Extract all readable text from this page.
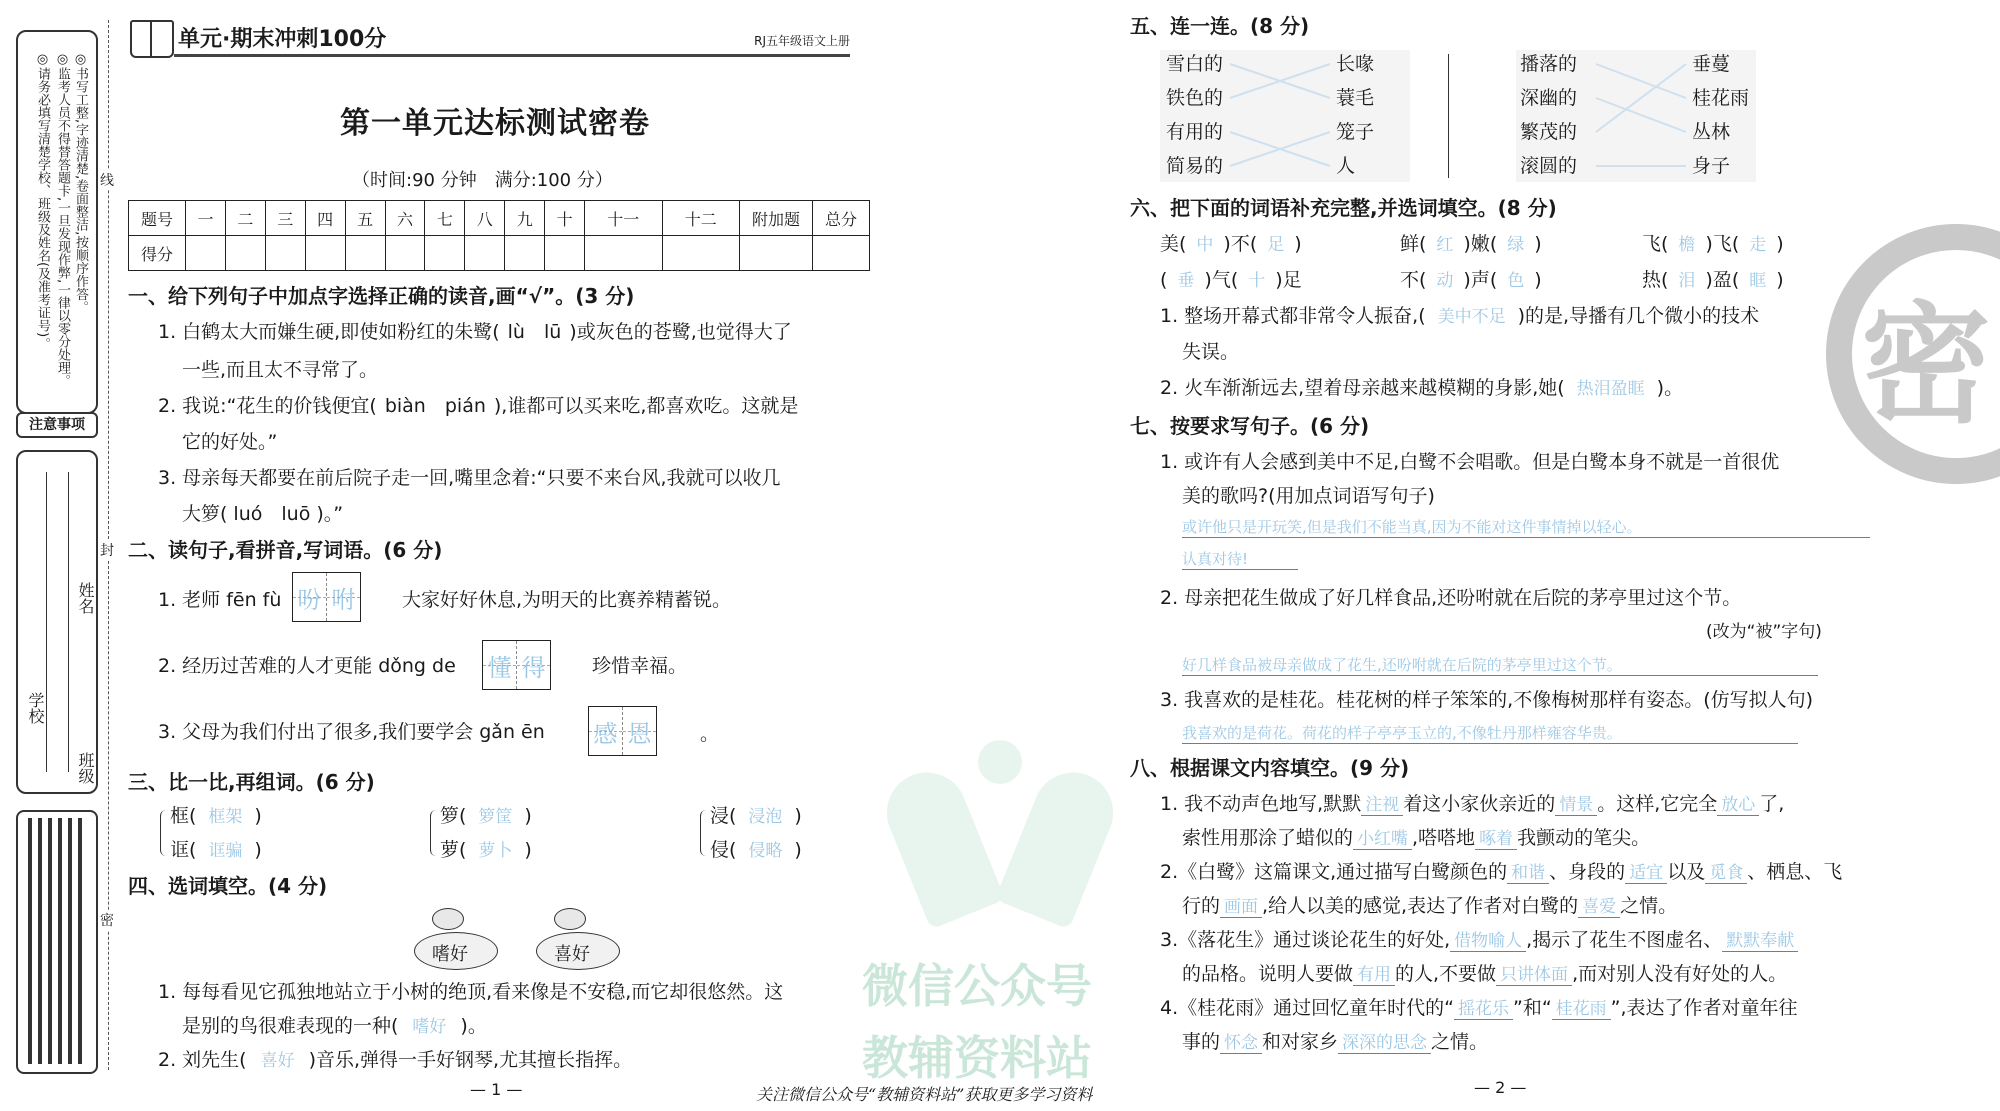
◎请务必填写清楚学校、班级及姓名(及准考证号)。 ◎监考人员不得替答题卡,一旦发现作弊,一律以零分处理。 ◎书写工整,字迹清楚,卷面整洁,按顺序作答。
注意事项
学校
姓名
班级
线
封
密
单元·期末冲刺100分	RJ五年级语文上册
第一单元达标测试密卷
（时间:90 分钟　满分:100 分）
题号	一	二	三	四	五	六	七	八	九	十	十一	十二	附加题	总分
得分														
一、给下列句子中加点字选择正确的读音,画“√”。(3 分)
1. 白鹤太大而嫌生硬,即使如粉红的朱鹭( lù　lū )或灰色的苍鹭,也觉得大了
一些,而且太不寻常了。
2. 我说:“花生的价钱便宜( biàn　pián ),谁都可以买来吃,都喜欢吃。这就是
它的好处。”
3. 母亲每天都要在前后院子走一回,嘴里念着:“只要不来台风,我就可以收几
大箩( luó　luō )。”
二、读句子,看拼音,写词语。(6 分)
1. 老师 fēn fù 吩 咐 大家好好休息,为明天的比赛养精蓄锐。
2. 经历过苦难的人才更能 dǒng de 懂 得 珍惜幸福。
3. 父母为我们付出了很多,我们要学会 gǎn ēn 感 恩	。
三、比一比,再组词。(6 分)
框( 框架 )
诓( 诓骗 )
箩( 箩筐 )
萝( 萝卜 )
浸( 浸泡 )
侵( 侵略 )
四、选词填空。(4 分)
嗜好	喜好
1. 每每看见它孤独地站立于小树的绝顶,看来像是不安稳,而它却很悠然。这
是别的鸟很难表现的一种( 嗜好 )。
2. 刘先生( 喜好 )音乐,弹得一手好钢琴,尤其擅长指挥。
— 1 —
五、连一连。(8 分)
雪白的
铁色的
有用的
简易的
长喙
蓑毛
笼子
人
播落的
深幽的
繁茂的
滚圆的
垂蔓
桂花雨
丛林
身子
六、把下面的词语补充完整,并选词填空。(8 分)
美( 中 )不( 足 )	鲜( 红 )嫩( 绿 )	飞( 檐 )飞( 走 )
( 垂 )气( 十 )足	不( 动 )声( 色 )	热( 泪 )盈( 眶 )
1. 整场开幕式都非常令人振奋,( 美中不足 )的是,导播有几个微小的技术
失误。
2. 火车渐渐远去,望着母亲越来越模糊的身影,她( 热泪盈眶 )。
七、按要求写句子。(6 分)
1. 或许有人会感到美中不足,白鹭不会唱歌。但是白鹭本身不就是一首很优
美的歌吗?(用加点词语写句子)
或许他只是开玩笑,但是我们不能当真,因为不能对这件事情掉以轻心。
认真对待!
2. 母亲把花生做成了好几样食品,还吩咐就在后院的茅亭里过这个节。
(改为“被”字句)
好几样食品被母亲做成了花生,还吩咐就在后院的茅亭里过这个节。
3. 我喜欢的是桂花。桂花树的样子笨笨的,不像梅树那样有姿态。(仿写拟人句)
我喜欢的是荷花。荷花的样子亭亭玉立的,不像牡丹那样雍容华贵。
八、根据课文内容填空。(9 分)
1. 我不动声色地写,默默 注视 着这小家伙亲近的 情景 。这样,它完全 放心 了,
索性用那涂了蜡似的 小红嘴 ,嗒嗒地 啄着 我颤动的笔尖。
2.《白鹭》这篇课文,通过描写白鹭颜色的 和谐 、身段的 适宜 以及 觅食 、栖息、飞
行的 画面 ,给人以美的感觉,表达了作者对白鹭的 喜爱 之情。
3.《落花生》通过谈论花生的好处, 借物喻人 ,揭示了花生不图虚名、 默默奉献
的品格。说明人要做 有用 的人,不要做 只讲体面 ,而对别人没有好处的人。
4.《桂花雨》通过回忆童年时代的“ 摇花乐 ”和“ 桂花雨 ”,表达了作者对童年往
事的 怀念 和对家乡 深深的思念 之情。
密
— 2 —
微信公众号
教辅资料站
关注微信公众号“教辅资料站”获取更多学习资料
